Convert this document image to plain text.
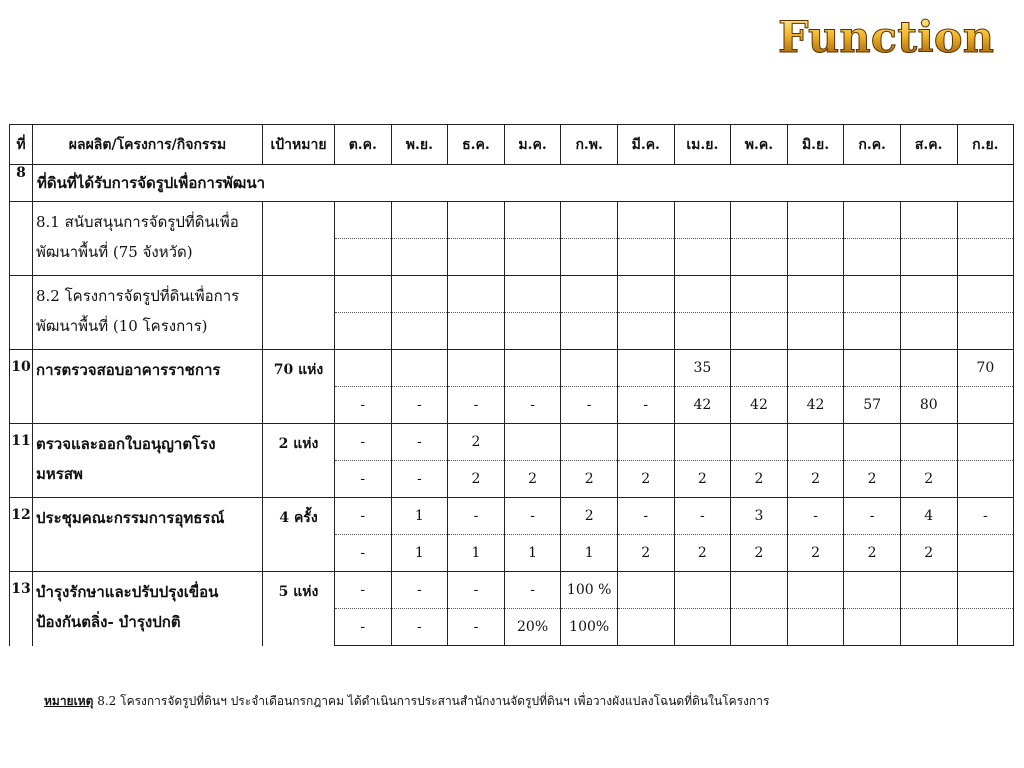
Function
ที่	ผลผลิต/โครงการ/กิจกรรม	เป้าหมาย	ต.ค.	พ.ย.	ธ.ค.	ม.ค.	ก.พ.	มี.ค.	เม.ย.	พ.ค.	มิ.ย.	ก.ค.	ส.ค.	ก.ย.
8	ที่ดินที่ได้รับการจัดรูปเพื่อการพัฒนา													
	8.1 สนับสนุนการจัดรูปที่ดินเพื่อพัฒนาพื้นที่ (75 จังหวัด)													

	8.2 โครงการจัดรูปที่ดินเพื่อการพัฒนาพื้นที่ (10 โครงการ)													

10	การตรวจสอบอาคารราชการ	70 แห่ง							35					70
			-	-	-	-	-	-	42	42	42	57	80	
11	ตรวจและออกใบอนุญาตโรงมหรสพ	2 แห่ง	-	-	2									
			-	-	2	2	2	2	2	2	2	2	2	
12	ประชุมคณะกรรมการอุทธรณ์	4 ครั้ง	-	1	-	-	2	-	-	3	-	-	4	-
			-	1	1	1	1	2	2	2	2	2	2	
13	บำรุงรักษาและปรับปรุงเขื่อนป้องกันตลิ่ง- บำรุงปกติ	5 แห่ง	-	-	-	-	100 %							
			-	-	-	20%	100%							
หมายเหตุ 8.2 โครงการจัดรูปที่ดินฯ ประจำเดือนกรกฎาคม ได้ดำเนินการประสานสำนักงานจัดรูปที่ดินฯ เพื่อวางผังแปลงโฉนดที่ดินในโครงการ
